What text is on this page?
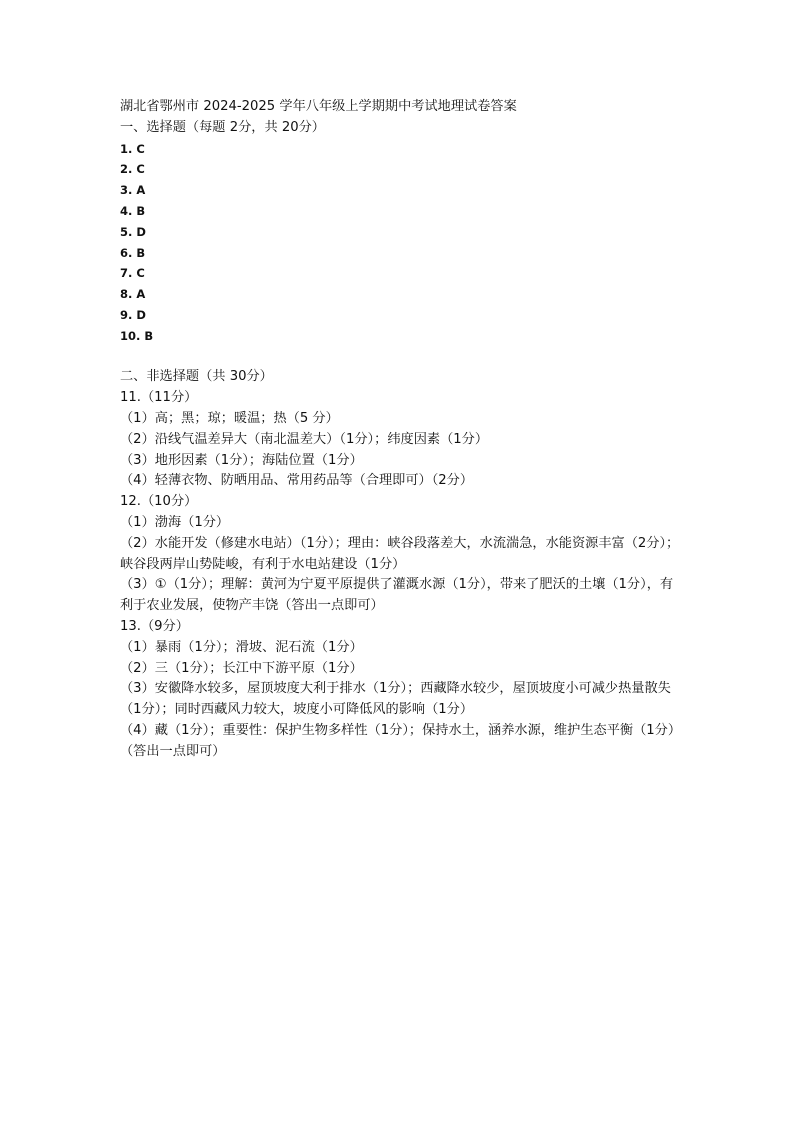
湖北省鄂州市 2024-2025 学年八年级上学期期中考试地理试卷答案
一、选择题（每题 2分，共 20分）
1. C
2. C
3. A
4. B
5. D
6. B
7. C
8. A
9. D
10. B
二、非选择题（共 30分）
11.（11分）
（1）高；黑；琼；暖温；热（5 分）
（2）沿线气温差异大（南北温差大）（1分）；纬度因素（1分）
（3）地形因素（1分）；海陆位置（1分）
（4）轻薄衣物、防晒用品、常用药品等（合理即可）（2分）
12.（10分）
（1）渤海（1分）
（2）水能开发（修建水电站）（1分）；理由：峡谷段落差大，水流湍急，水能资源丰富（2分）；峡谷段两岸山势陡峻，有利于水电站建设（1分）
（3）①（1分）；理解：黄河为宁夏平原提供了灌溉水源（1分），带来了肥沃的土壤（1分），有利于农业发展，使物产丰饶（答出一点即可）
13.（9分）
（1）暴雨（1分）；滑坡、泥石流（1分）
（2）三（1分）；长江中下游平原（1分）
（3）安徽降水较多，屋顶坡度大利于排水（1分）；西藏降水较少，屋顶坡度小可减少热量散失（1分）；同时西藏风力较大，坡度小可降低风的影响（1分）
（4）藏（1分）；重要性：保护生物多样性（1分）；保持水土，涵养水源，维护生态平衡（1分）（答出一点即可）
